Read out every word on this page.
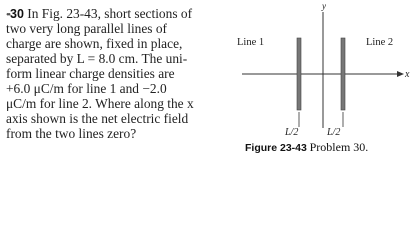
••30 In Fig. 23-43, short sections of
two very long parallel lines of
charge are shown, fixed in place,
separated by L = 8.0 cm. The uni-
form linear charge densities are
+6.0 μC/m for line 1 and −2.0
μC/m for line 2. Where along the x
axis shown is the net electric field
from the two lines zero?
y
x
Line 1	Line 2
L/2	L/2
Figure 23-43 Problem 30.
